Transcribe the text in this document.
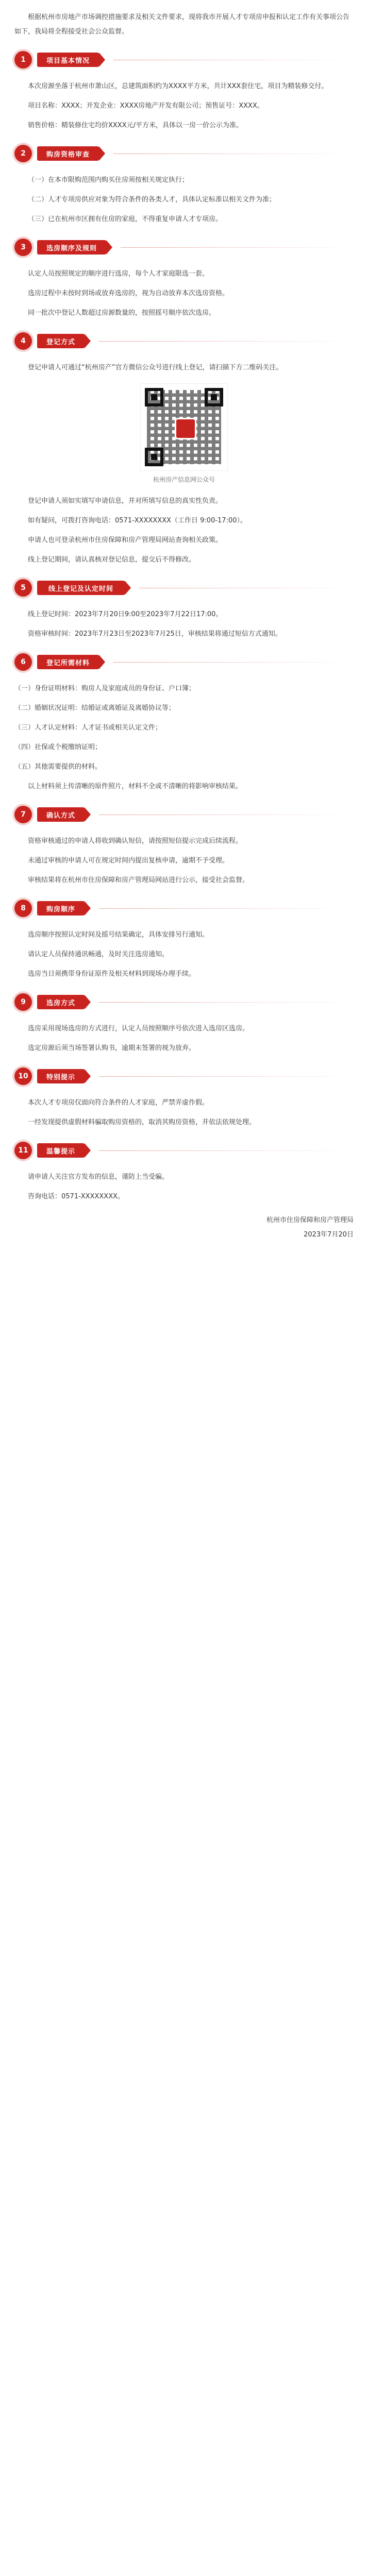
根据杭州市房地产市场调控措施要求及相关文件要求，现将我市开展人才专项房申报和认定工作有关事项公告如下，我局将全程接受社会公众监督。

1	项目基本情况

本次房源坐落于杭州市萧山区，总建筑面积约为XXXX平方米，共计XXX套住宅，项目为精装修交付。

项目名称：XXXX；开发企业：XXXX房地产开发有限公司；预售证号：XXXX。

销售价格：精装修住宅均价XXXX元/平方米，具体以一房一价公示为准。

2	购房资格审查

（一）在本市限购范围内购买住房须按相关规定执行；

（二）人才专项房供应对象为符合条件的各类人才，具体认定标准以相关文件为准；

（三）已在杭州市区拥有住房的家庭，不得重复申请人才专项房。

3	选房顺序及规则

认定人员按照规定的顺序进行选房，每个人才家庭限选一套。

选房过程中未按时到场或放弃选房的，视为自动放弃本次选房资格。

同一批次中登记人数超过房源数量的，按照摇号顺序依次选房。

4	登记方式

登记申请人可通过“杭州房产”官方微信公众号进行线上登记，请扫描下方二维码关注。

杭州房产信息网公众号

登记申请人须如实填写申请信息，并对所填写信息的真实性负责。

如有疑问，可拨打咨询电话：0571-XXXXXXXX（工作日 9:00-17:00）。

申请人也可登录杭州市住房保障和房产管理局网站查询相关政策。

线上登记期间，请认真核对登记信息，提交后不得修改。

5	线上登记及认定时间

线上登记时间：2023年7月20日9:00至2023年7月22日17:00。

资格审核时间：2023年7月23日至2023年7月25日，审核结果将通过短信方式通知。

6	登记所需材料

（一）身份证明材料：购房人及家庭成员的身份证、户口簿；

（二）婚姻状况证明：结婚证或离婚证及离婚协议等；

（三）人才认定材料：人才证书或相关认定文件；

（四）社保或个税缴纳证明；

（五）其他需要提供的材料。

以上材料须上传清晰的原件照片，材料不全或不清晰的将影响审核结果。

7	确认方式

资格审核通过的申请人将收到确认短信，请按照短信提示完成后续流程。

未通过审核的申请人可在规定时间内提出复核申请，逾期不予受理。

审核结果将在杭州市住房保障和房产管理局网站进行公示，接受社会监督。

8	购房顺序

选房顺序按照认定时间及摇号结果确定，具体安排另行通知。

请认定人员保持通讯畅通，及时关注选房通知。

选房当日须携带身份证原件及相关材料到现场办理手续。

9	选房方式

选房采用现场选房的方式进行，认定人员按照顺序号依次进入选房区选房。

选定房源后须当场签署认购书，逾期未签署的视为放弃。

10	特别提示

本次人才专项房仅面向符合条件的人才家庭，严禁弄虚作假。

一经发现提供虚假材料骗取购房资格的，取消其购房资格，并依法依规处理。

11	温馨提示

请申请人关注官方发布的信息，谨防上当受骗。

咨询电话：0571-XXXXXXXX。

杭州市住房保障和房产管理局
2023年7月20日
